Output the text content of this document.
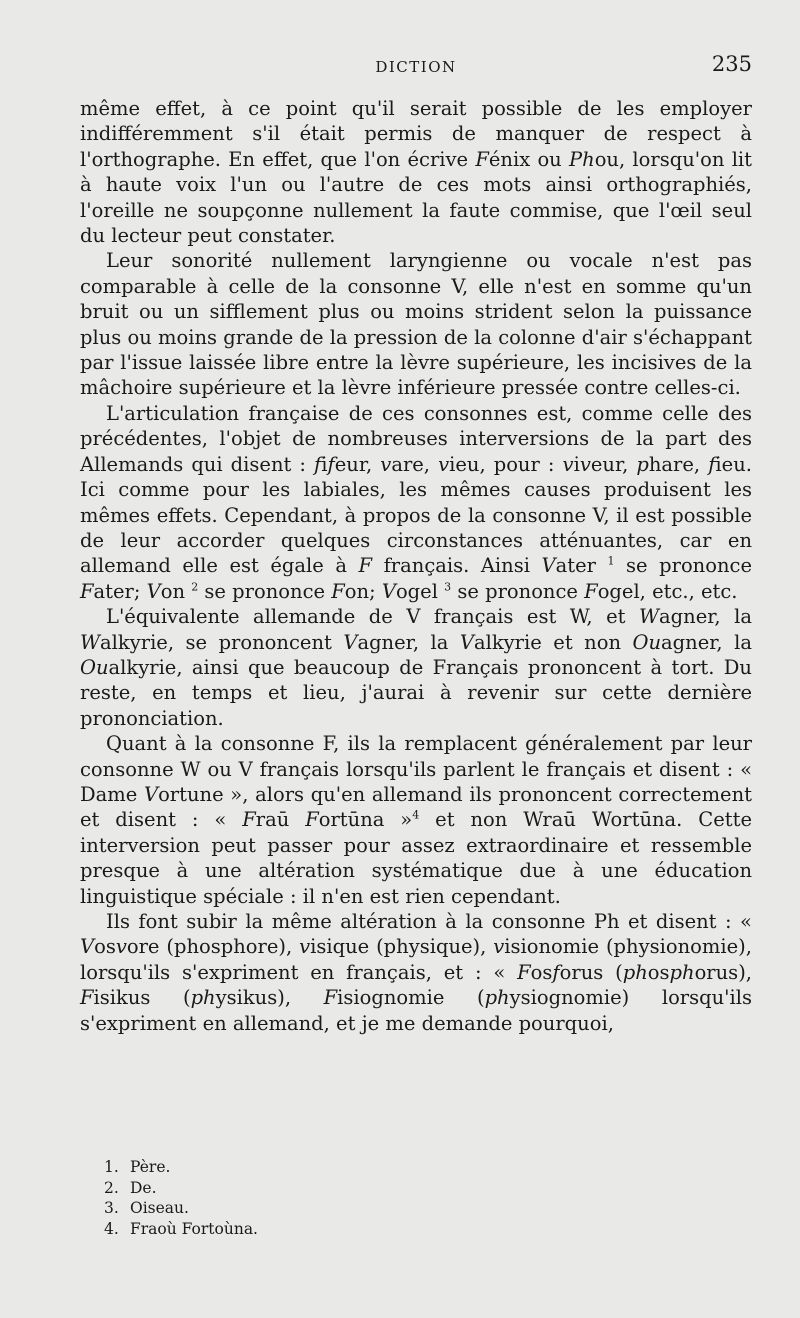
DICTION	235

même effet, à ce point qu'il serait possible de les employer indifféremment s'il était permis de manquer de respect à l'orthographe. En effet, que l'on écrive Fénix ou Phou, lorsqu'on lit à haute voix l'un ou l'autre de ces mots ainsi orthographiés, l'oreille ne soupçonne nullement la faute commise, que l'œil seul du lecteur peut constater.

Leur sonorité nullement laryngienne ou vocale n'est pas comparable à celle de la consonne V, elle n'est en somme qu'un bruit ou un sifflement plus ou moins strident selon la puissance plus ou moins grande de la pression de la colonne d'air s'échappant par l'issue laissée libre entre la lèvre supérieure, les incisives de la mâchoire supérieure et la lèvre inférieure pressée contre celles-ci.

L'articulation française de ces consonnes est, comme celle des précédentes, l'objet de nombreuses interversions de la part des Allemands qui disent : fifeur, vare, vieu, pour : viveur, phare, fieu. Ici comme pour les labiales, les mêmes causes produisent les mêmes effets. Cependant, à propos de la consonne V, il est possible de leur accorder quelques circonstances atténuantes, car en allemand elle est égale à F français. Ainsi Vater $^1$ se prononce Fater; Von $^2$ se prononce Fon; Vogel $^3$ se prononce Fogel, etc., etc.

L'équivalente allemande de V français est W, et Wagner, la Walkyrie, se prononcent Vagner, la Valkyrie et non Ouagner, la Oualkyrie, ainsi que beaucoup de Français prononcent à tort. Du reste, en temps et lieu, j'aurai à revenir sur cette dernière prononciation.

Quant à la consonne F, ils la remplacent généralement par leur consonne W ou V français lorsqu'ils parlent le français et disent : « Dame Vortune », alors qu'en allemand ils prononcent correctement et disent : « Fraū Fortūna »$^4$ et non Wraū Wortūna. Cette interversion peut passer pour assez extraordinaire et ressemble presque à une altération systématique due à une éducation linguistique spéciale : il n'en est rien cependant.

Ils font subir la même altération à la consonne Ph et disent : « Vosvore (phosphore), visique (physique), visionomie (physionomie), lorsqu'ils s'expriment en français, et : « Fosforus (phosphorus), Fisikus (physikus), Fisiognomie (physiognomie) lorsqu'ils s'expriment en allemand, et je me demande pourquoi,

1. Père.
2. De.
3. Oiseau.
4. Fraoù Fortoùna.
